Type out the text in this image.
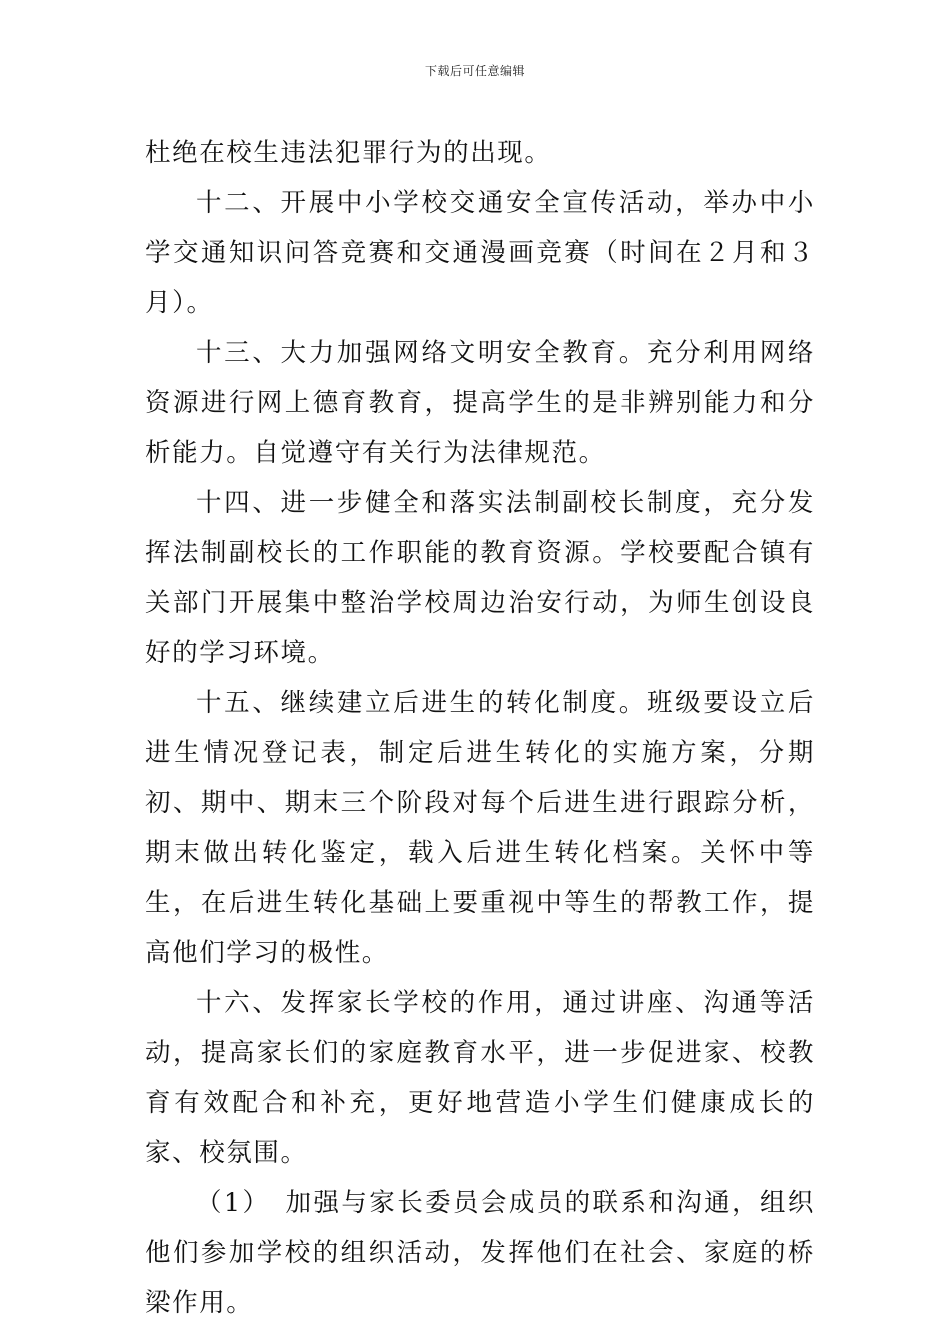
下载后可任意编辑

杜绝在校生违法犯罪行为的出现。

十二、开展中小学校交通安全宣传活动，举办中小学交通知识问答竞赛和交通漫画竞赛（时间在２月和３月）。

十三、大力加强网络文明安全教育。充分利用网络资源进行网上德育教育，提高学生的是非辨别能力和分析能力。自觉遵守有关行为法律规范。

十四、进一步健全和落实法制副校长制度，充分发挥法制副校长的工作职能的教育资源。学校要配合镇有关部门开展集中整治学校周边治安行动，为师生创设良好的学习环境。

十五、继续建立后进生的转化制度。班级要设立后进生情况登记表，制定后进生转化的实施方案，分期初、期中、期末三个阶段对每个后进生进行跟踪分析，期末做出转化鉴定，载入后进生转化档案。关怀中等生，在后进生转化基础上要重视中等生的帮教工作，提高他们学习的极性。

十六、发挥家长学校的作用，通过讲座、沟通等活动，提高家长们的家庭教育水平，进一步促进家、校教育有效配合和补充，更好地营造小学生们健康成长的家、校氛围。

（1）　加强与家长委员会成员的联系和沟通，组织他们参加学校的组织活动，发挥他们在社会、家庭的桥梁作用。
